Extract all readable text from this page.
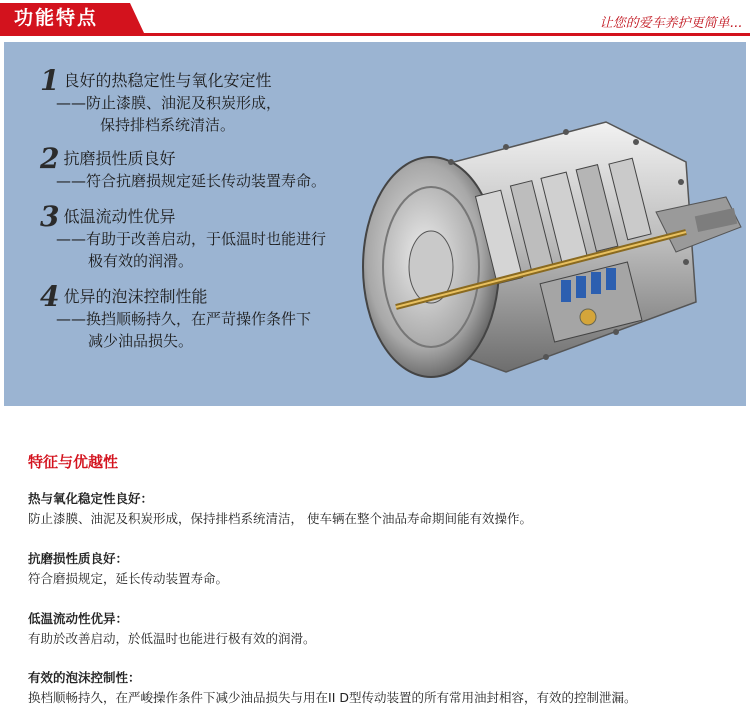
功能特点	让您的爱车养护更简单...
1 良好的热稳定性与氧化安定性
——防止漆膜、油泥及积炭形成，
保持排档系统清洁。
2 抗磨损性质良好
——符合抗磨损规定延长传动装置寿命。
3 低温流动性优异
——有助于改善启动，于低温时也能进行
极有效的润滑。
4 优异的泡沫控制性能
——换挡顺畅持久，在严苛操作条件下
减少油品损失。
特征与优越性
热与氧化稳定性良好：
防止漆膜、油泥及积炭形成，保持排档系统清洁， 使车辆在整个油品寿命期间能有效操作。
抗磨损性质良好：
符合磨损规定，延长传动装置寿命。
低温流动性优异：
有助於改善启动，於低温时也能进行极有效的润滑。
有效的泡沫控制性：
换档顺畅持久，在严峻操作条件下减少油品损失与用在II D型传动装置的所有常用油封相容，有效的控制泄漏。
